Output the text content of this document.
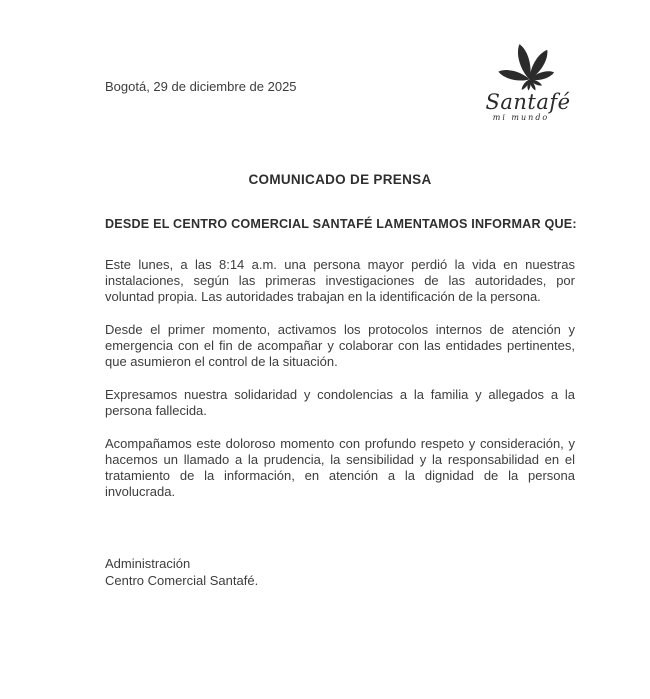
Bogotá, 29 de diciembre de 2025
Santafé
mi mundo
COMUNICADO DE PRENSA
DESDE EL CENTRO COMERCIAL SANTAFÉ LAMENTAMOS INFORMAR QUE:

Este lunes, a las 8:14 a.m. una persona mayor perdió la vida en nuestras instalaciones, según las primeras investigaciones de las autoridades, por voluntad propia. Las autoridades trabajan en la identificación de la persona.

Desde el primer momento, activamos los protocolos internos de atención y emergencia con el fin de acompañar y colaborar con las entidades pertinentes, que asumieron el control de la situación.

Expresamos nuestra solidaridad y condolencias a la familia y allegados a la persona fallecida.

Acompañamos este doloroso momento con profundo respeto y consideración, y hacemos un llamado a la prudencia, la sensibilidad y la responsabilidad en el tratamiento de la información, en atención a la dignidad de la persona involucrada.

Administración
Centro Comercial Santafé.
